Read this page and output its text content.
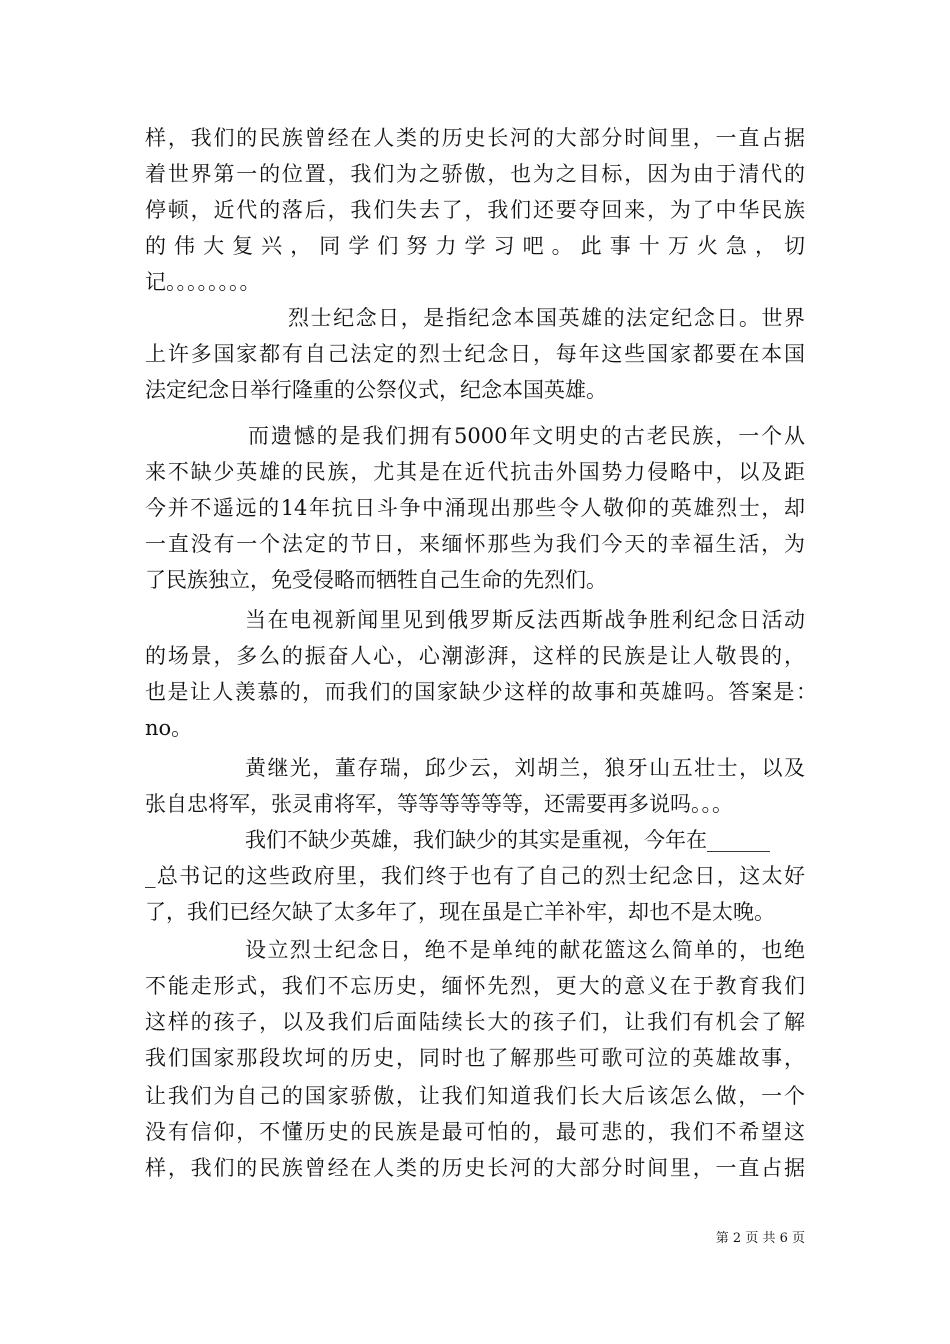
样，我们的民族曾经在人类的历史长河的大部分时间里，一直占据
着世界第一的位置，我们为之骄傲，也为之目标，因为由于清代的
停顿，近代的落后，我们失去了，我们还要夺回来，为了中华民族
的 伟 大 复 兴 ， 同 学 们 努 力 学 习 吧 。 此 事 十 万 火 急 ， 切
记。。。。。。。。
烈士纪念日，是指纪念本国英雄的法定纪念日。世界
上许多国家都有自己法定的烈士纪念日，每年这些国家都要在本国
法定纪念日举行隆重的公祭仪式，纪念本国英雄。
而遗憾的是我们拥有5000年文明史的古老民族，一个从
来不缺少英雄的民族，尤其是在近代抗击外国势力侵略中，以及距
今并不遥远的14年抗日斗争中涌现出那些令人敬仰的英雄烈士，却
一直没有一个法定的节日，来缅怀那些为我们今天的幸福生活，为
了民族独立，免受侵略而牺牲自己生命的先烈们。
当在电视新闻里见到俄罗斯反法西斯战争胜利纪念日活动
的场景，多么的振奋人心，心潮澎湃，这样的民族是让人敬畏的，
也是让人羡慕的，而我们的国家缺少这样的故事和英雄吗。答案是：
no。
黄继光，董存瑞，邱少云，刘胡兰，狼牙山五壮士，以及
张自忠将军，张灵甫将军，等等等等等等，还需要再多说吗。。。
我们不缺少英雄，我们缺少的其实是重视，今年在______
_总书记的这些政府里，我们终于也有了自己的烈士纪念日，这太好
了，我们已经欠缺了太多年了，现在虽是亡羊补牢，却也不是太晚。
设立烈士纪念日，绝不是单纯的献花篮这么简单的，也绝
不能走形式，我们不忘历史，缅怀先烈，更大的意义在于教育我们
这样的孩子，以及我们后面陆续长大的孩子们，让我们有机会了解
我们国家那段坎坷的历史，同时也了解那些可歌可泣的英雄故事，
让我们为自己的国家骄傲，让我们知道我们长大后该怎么做，一个
没有信仰，不懂历史的民族是最可怕的，最可悲的，我们不希望这
样，我们的民族曾经在人类的历史长河的大部分时间里，一直占据
第 2 页 共 6 页
